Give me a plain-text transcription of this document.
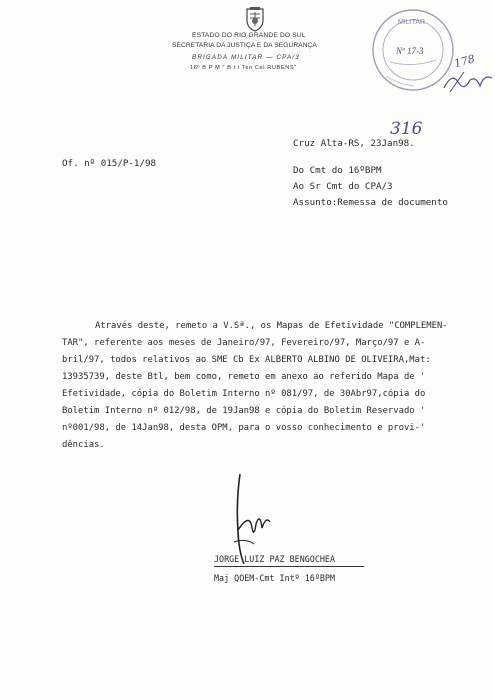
ESTADO DO RIO GRANDE DO SUL
SECRETARIA DA JUSTIÇA E DA SEGURANÇA
BRIGADA MILITAR — CPA/3
16º B P M " B t l Ten Cel RUBENS"
MILITAR
Nº 17-3
178
316
Of. nº 015/P-1/98
Cruz Alta-RS, 23Jan98.
Do Cmt do 16ºBPM
Ao Sr Cmt do CPA/3
Assunto:Remessa de documento
Através deste, remeto a V.Sª., os Mapas de Efetividade "COMPLEMEN-
TAR", referente aos meses de Janeiro/97, Fevereiro/97, Março/97 e A-
bril/97, todos relativos ao SME Cb Ex ALBERTO ALBINO DE OLIVEIRA,Mat:
13935739, deste Btl, bem como, remeto em anexo ao referido Mapa de '
Efetividade, cópia do Boletim Interno nº 081/97, de 30Abr97,cópia do
Boletim Interno nº 012/98, de 19Jan98 e cópia do Boletim Reservado '
nº001/98, de 14Jan98, desta OPM, para o vosso conhecimento e provi-'
dências.
JORGE LUIZ PAZ BENGOCHEA
Maj QOEM-Cmt Intº 16ºBPM
